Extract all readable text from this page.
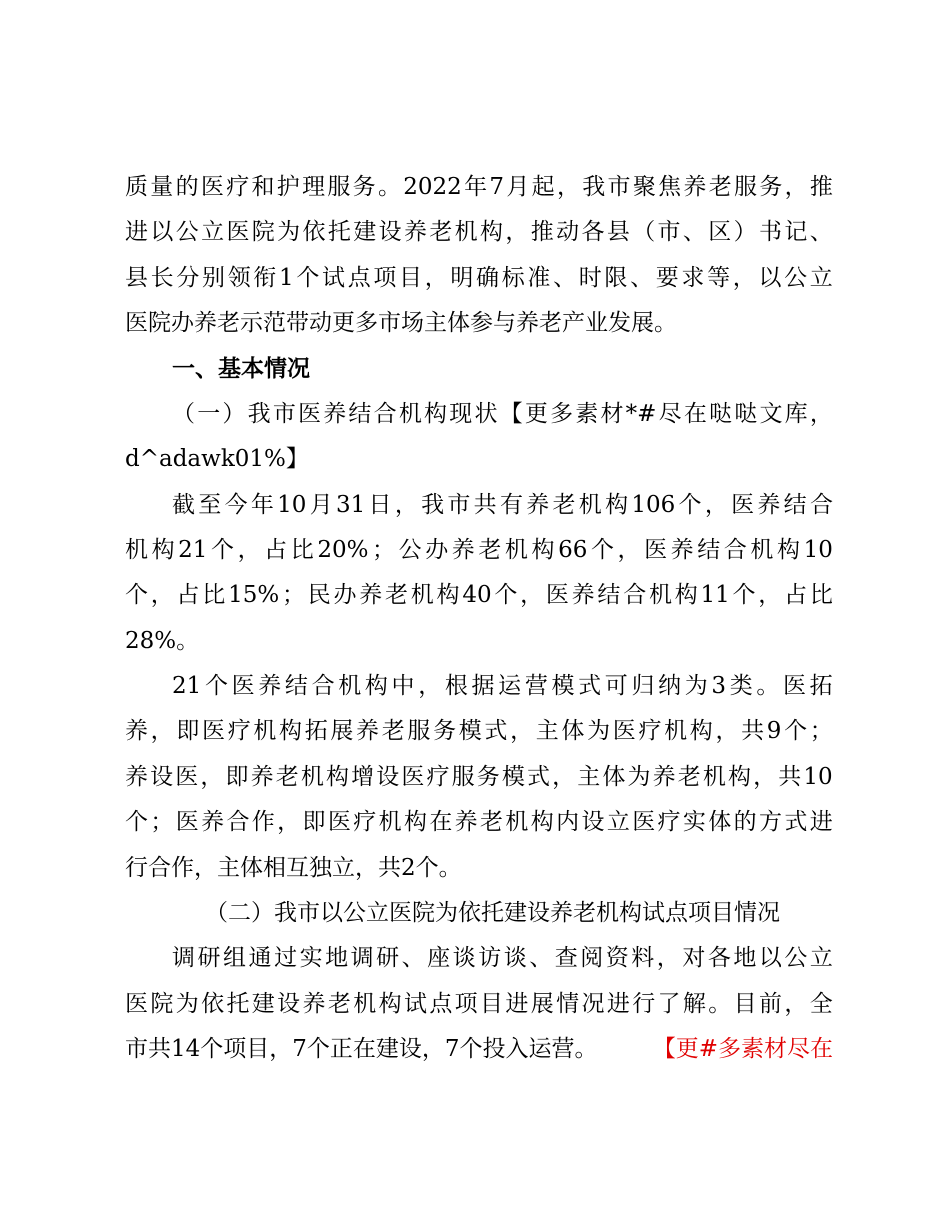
质 量 的 医 疗 和 护 理 服 务 。 2022 年 7 月 起 ， 我 市 聚 焦 养 老 服 务 ， 推
进 以 公 立 医 院 为 依 托 建 设 养 老 机 构 ， 推 动 各 县 （ 市 、 区 ） 书 记 、
县 长 分 别 领 衔 1 个 试 点 项 目 ， 明 确 标 准 、 时 限 、 要 求 等 ， 以 公 立
医院办养老示范带动更多市场主体参与养老产业发展。
一、基本情况
（ 一 ） 我 市 医 养 结 合 机 构 现 状 【 更 多 素 材 *# 尽 在 哒 哒 文 库 ，
d^adawk01%】
截 至 今 年 10 月 31 日 ， 我 市 共 有 养 老 机 构 106 个 ， 医 养 结 合
机 构 21 个 ， 占 比 20% ； 公 办 养 老 机 构 66 个 ， 医 养 结 合 机 构 10
个 ， 占 比 15% ； 民 办 养 老 机 构 40 个 ， 医 养 结 合 机 构 11 个 ， 占 比
28%。
21 个 医 养 结 合 机 构 中 ， 根 据 运 营 模 式 可 归 纳 为 3 类 。 医 拓
养 ， 即 医 疗 机 构 拓 展 养 老 服 务 模 式 ， 主 体 为 医 疗 机 构 ， 共 9 个 ；
养 设 医 ， 即 养 老 机 构 增 设 医 疗 服 务 模 式 ， 主 体 为 养 老 机 构 ， 共 10
个 ； 医 养 合 作 ， 即 医 疗 机 构 在 养 老 机 构 内 设 立 医 疗 实 体 的 方 式 进
行合作，主体相互独立，共2个。
（二）我市以公立医院为依托建设养老机构试点项目情况
调 研 组 通 过 实 地 调 研 、 座 谈 访 谈 、 查 阅 资 料 ， 对 各 地 以 公 立
医 院 为 依 托 建 设 养 老 机 构 试 点 项 目 进 展 情 况 进 行 了 解 。 目 前 ， 全
市共14个项目，7个正在建设，7个投入运营。	【更#多素材尽在
